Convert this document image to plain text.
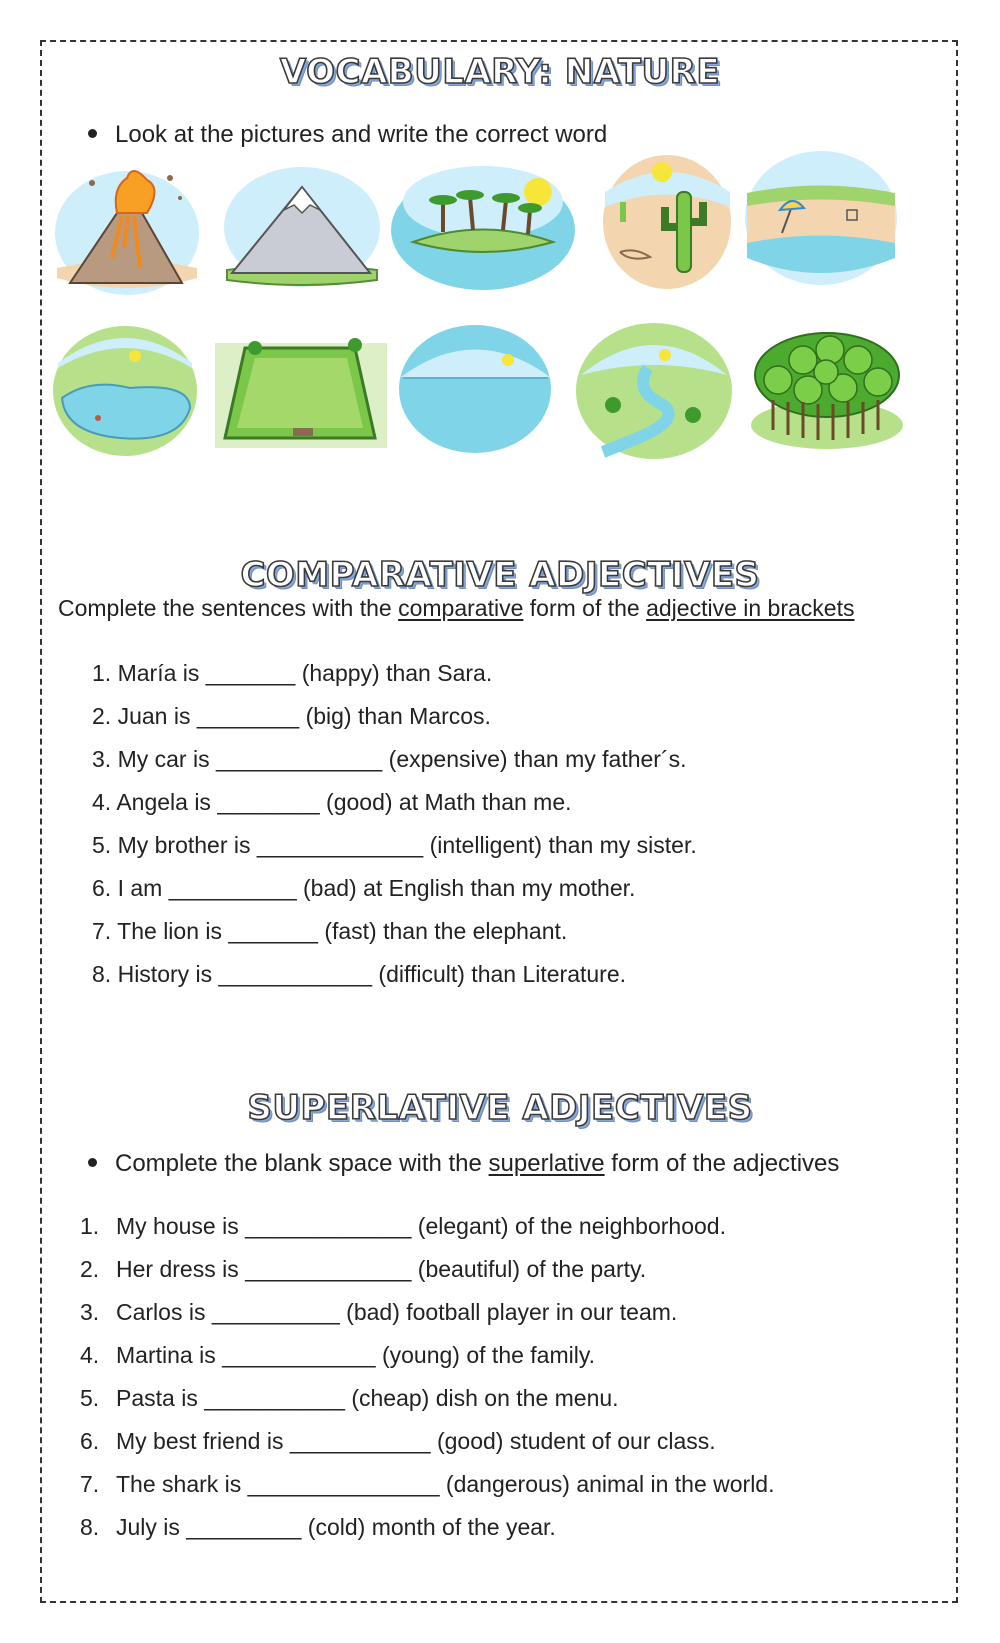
VOCABULARY: NATURE
Look at the pictures and write the correct word
COMPARATIVE ADJECTIVES
Complete the sentences with the comparative form of the adjective in brackets
1. María is _______ (happy) than Sara.
2. Juan is ________ (big) than Marcos.
3. My car is _____________ (expensive) than my father´s.
4. Angela is ________ (good) at Math than me.
5. My brother is _____________ (intelligent) than my sister.
6. I am __________ (bad) at English than my mother.
7. The lion is _______ (fast) than the elephant.
8. History is ____________ (difficult) than Literature.
SUPERLATIVE ADJECTIVES
Complete the blank space with the superlative form of the adjectives
1. My house is _____________ (elegant) of the neighborhood.
2. Her dress is _____________ (beautiful) of the party.
3. Carlos is __________ (bad) football player in our team.
4. Martina is ____________ (young) of the family.
5. Pasta is ___________ (cheap) dish on the menu.
6. My best friend is ___________ (good) student of our class.
7. The shark is _______________ (dangerous) animal in the world.
8. July is _________ (cold) month of the year.
